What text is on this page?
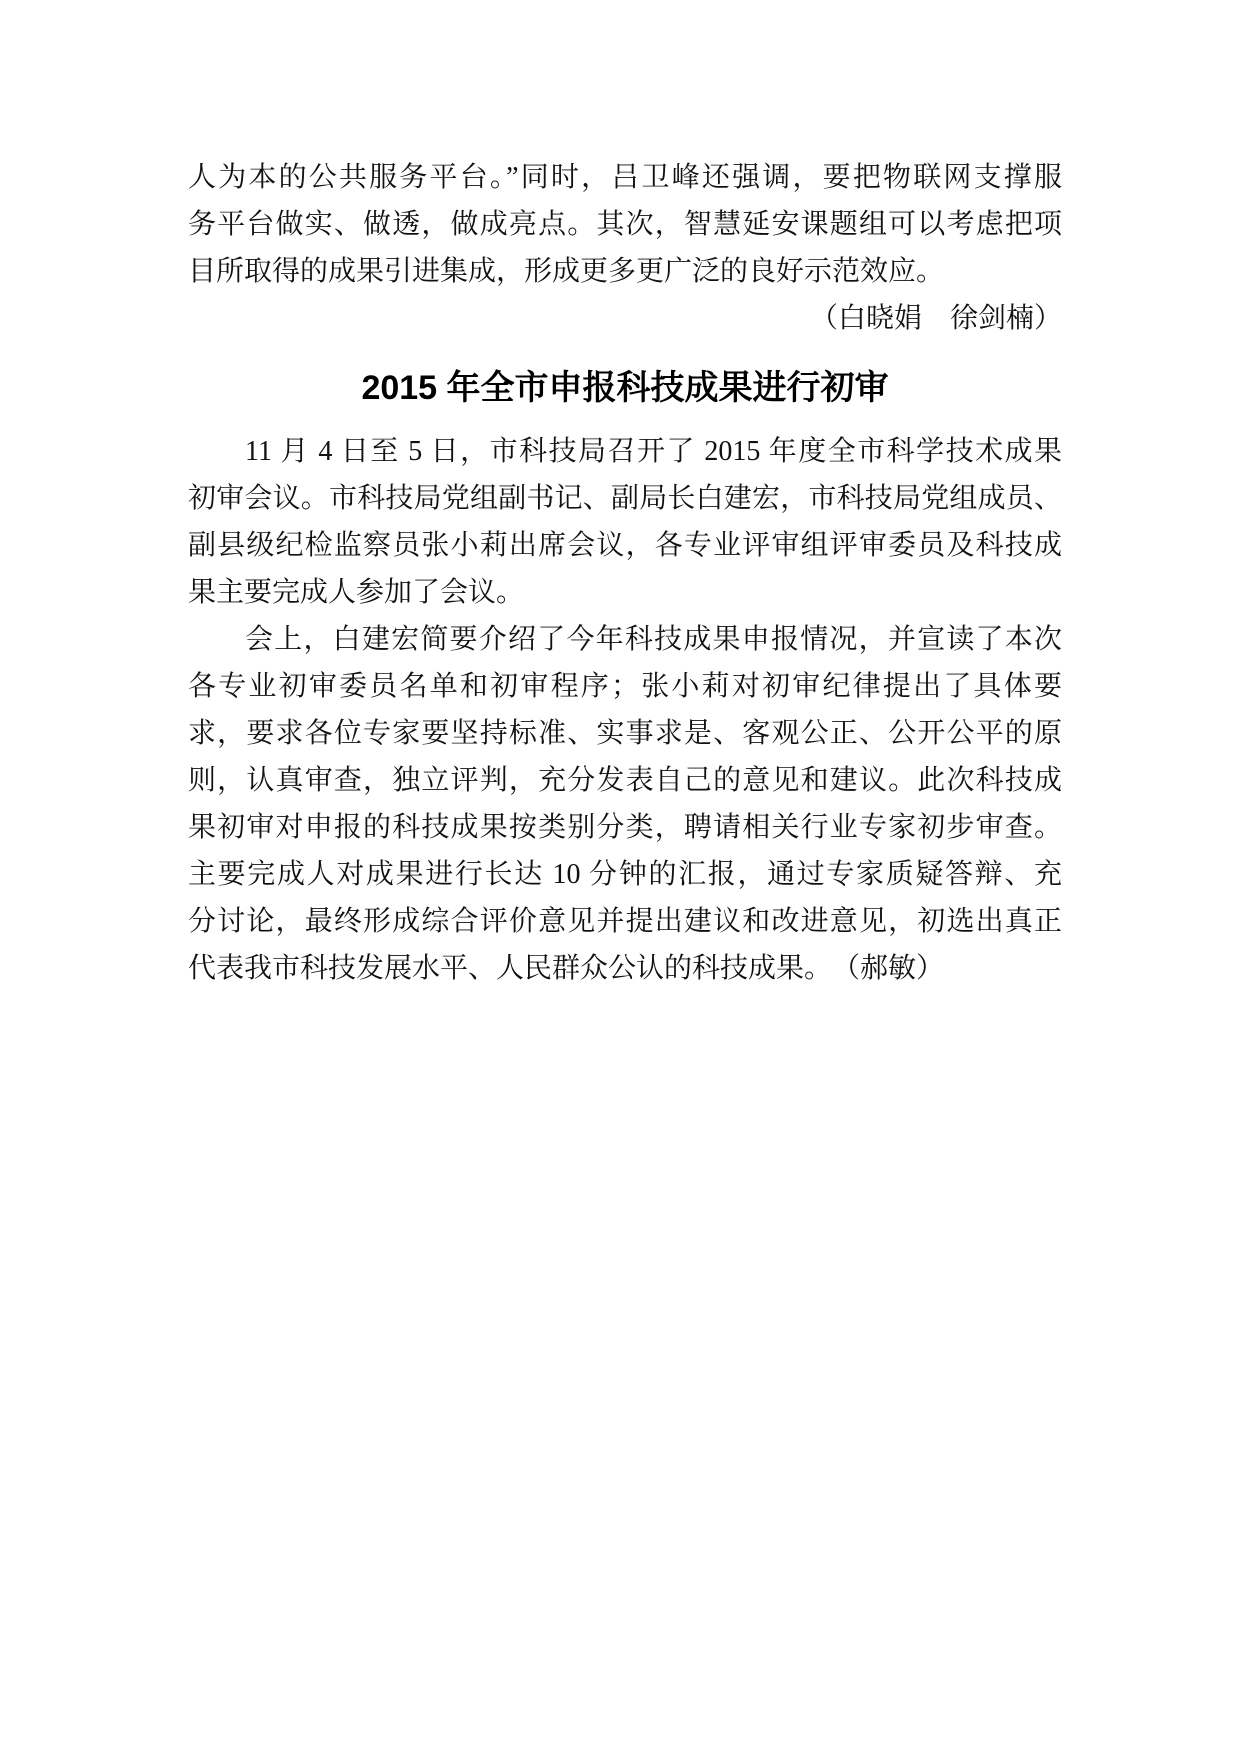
人为本的公共服务平台。”同时，吕卫峰还强调，要把物联网支撑服
务平台做实、做透，做成亮点。其次，智慧延安课题组可以考虑把项
目所取得的成果引进集成，形成更多更广泛的良好示范效应。
（白晓娟　徐剑楠）
2015 年全市申报科技成果进行初审
11 月 4 日至 5 日，市科技局召开了 2015 年度全市科学技术成果
初审会议。市科技局党组副书记、副局长白建宏，市科技局党组成员、
副县级纪检监察员张小莉出席会议，各专业评审组评审委员及科技成
果主要完成人参加了会议。
会上，白建宏简要介绍了今年科技成果申报情况，并宣读了本次
各专业初审委员名单和初审程序；张小莉对初审纪律提出了具体要
求，要求各位专家要坚持标准、实事求是、客观公正、公开公平的原
则，认真审查，独立评判，充分发表自己的意见和建议。此次科技成
果初审对申报的科技成果按类别分类，聘请相关行业专家初步审查。
主要完成人对成果进行长达 10 分钟的汇报，通过专家质疑答辩、充
分讨论，最终形成综合评价意见并提出建议和改进意见，初选出真正
代表我市科技发展水平、人民群众公认的科技成果。　（郝敏）
